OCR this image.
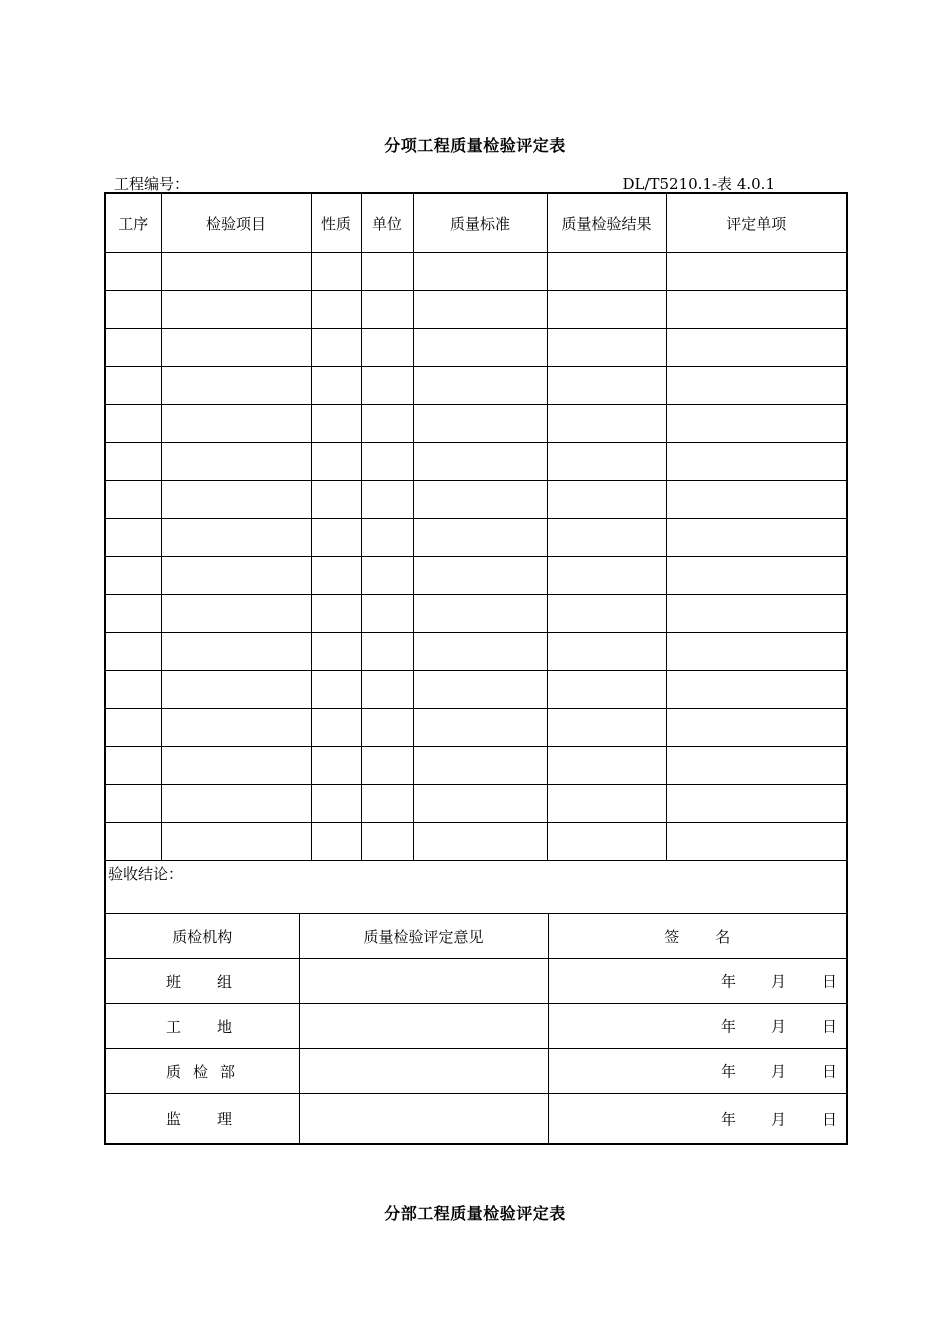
分项工程质量检验评定表
工程编号：	DL/T5210.1-表 4.0.1
工序	检验项目	性质	单位	质量标准	质量检验结果	评定单项

验收结论：

质检机构	质量检验评定意见	签 名

班 组		年 月 日

工 地		年 月 日

质 检 部		年 月 日

监 理		年 月 日
分部工程质量检验评定表
